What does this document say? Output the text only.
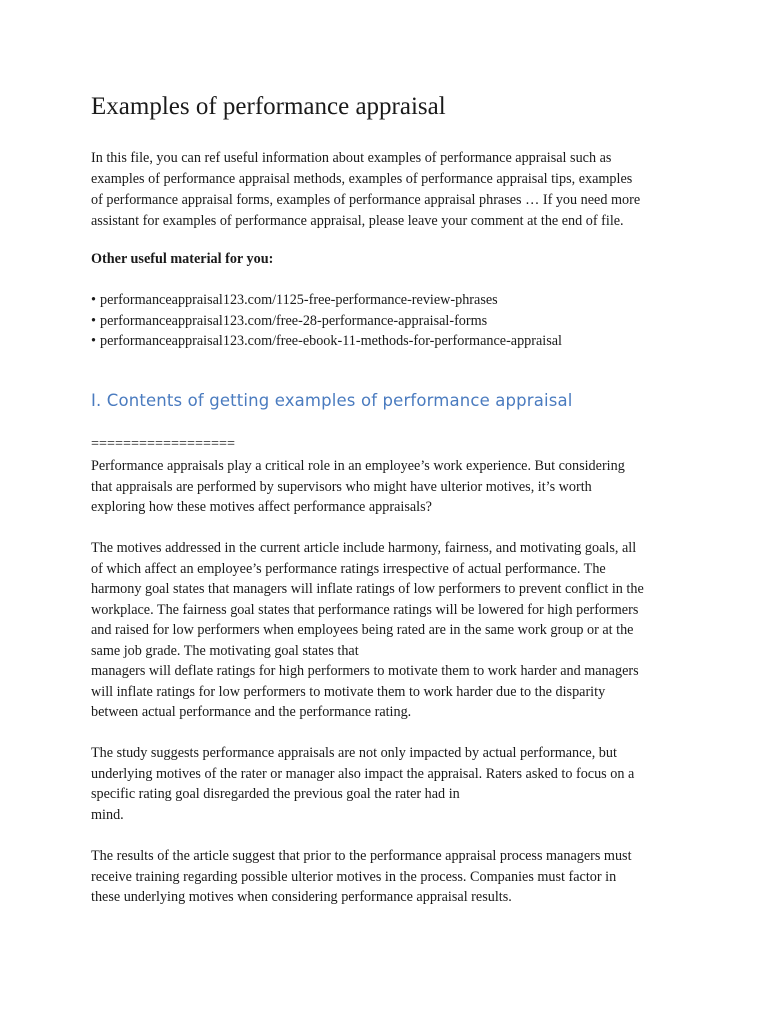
Examples of performance appraisal

In this file, you can ref useful information about examples of performance appraisal such as
examples of performance appraisal methods, examples of performance appraisal tips, examples
of performance appraisal forms, examples of performance appraisal phrases … If you need more
assistant for examples of performance appraisal, please leave your comment at the end of file.

Other useful material for you:

• performanceappraisal123.com/1125-free-performance-review-phrases
• performanceappraisal123.com/free-28-performance-appraisal-forms
• performanceappraisal123.com/free-ebook-11-methods-for-performance-appraisal
I. Contents of getting examples of performance appraisal

==================

Performance appraisals play a critical role in an employee’s work experience. But considering
that appraisals are performed by supervisors who might have ulterior motives, it’s worth
exploring how these motives affect performance appraisals?

The motives addressed in the current article include harmony, fairness, and motivating goals, all
of which affect an employee’s performance ratings irrespective of actual performance. The
harmony goal states that managers will inflate ratings of low performers to prevent conflict in the
workplace. The fairness goal states that performance ratings will be lowered for high performers
and raised for low performers when employees being rated are in the same work group or at the
same job grade. The motivating goal states that
managers will deflate ratings for high performers to motivate them to work harder and managers
will inflate ratings for low performers to motivate them to work harder due to the disparity
between actual performance and the performance rating.

The study suggests performance appraisals are not only impacted by actual performance, but
underlying motives of the rater or manager also impact the appraisal. Raters asked to focus on a
specific rating goal disregarded the previous goal the rater had in
mind.

The results of the article suggest that prior to the performance appraisal process managers must
receive training regarding possible ulterior motives in the process. Companies must factor in
these underlying motives when considering performance appraisal results.
